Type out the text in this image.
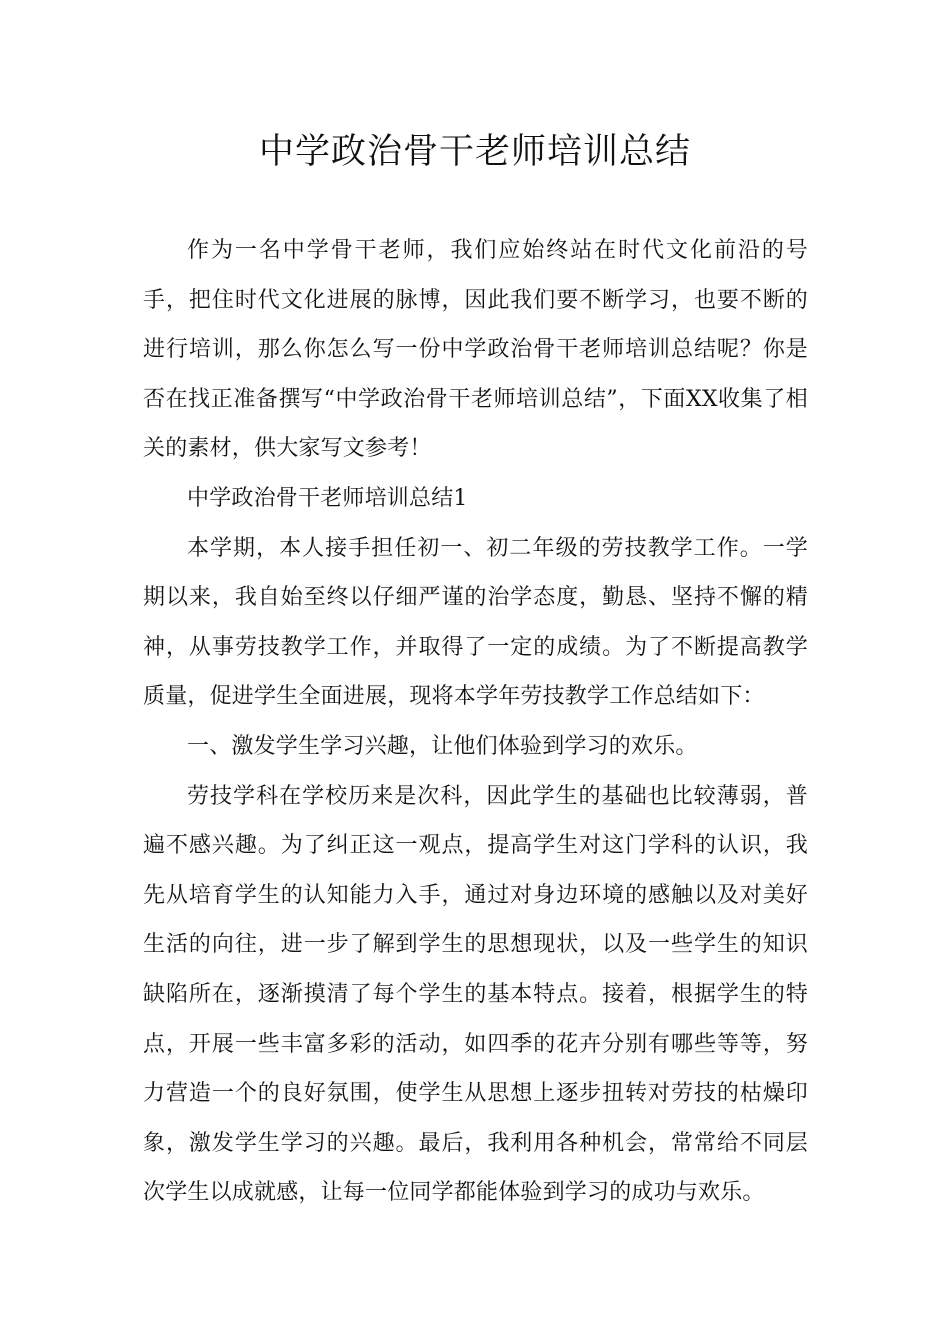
中学政治骨干老师培训总结

作为一名中学骨干老师，我们应始终站在时代文化前沿的号手，把住时代文化进展的脉博，因此我们要不断学习，也要不断的进行培训，那么你怎么写一份中学政治骨干老师培训总结呢？你是否在找正准备撰写“中学政治骨干老师培训总结”，下面XX收集了相关的素材，供大家写文参考！

中学政治骨干老师培训总结1

本学期，本人接手担任初一、初二年级的劳技教学工作。一学期以来，我自始至终以仔细严谨的治学态度，勤恳、坚持不懈的精神，从事劳技教学工作，并取得了一定的成绩。为了不断提高教学质量，促进学生全面进展，现将本学年劳技教学工作总结如下：

一、激发学生学习兴趣，让他们体验到学习的欢乐。

劳技学科在学校历来是次科，因此学生的基础也比较薄弱，普遍不感兴趣。为了纠正这一观点，提高学生对这门学科的认识，我先从培育学生的认知能力入手，通过对身边环境的感触以及对美好生活的向往，进一步了解到学生的思想现状，以及一些学生的知识缺陷所在，逐渐摸清了每个学生的基本特点。接着，根据学生的特点，开展一些丰富多彩的活动，如四季的花卉分别有哪些等等，努力营造一个的良好氛围，使学生从思想上逐步扭转对劳技的枯燥印象，激发学生学习的兴趣。最后，我利用各种机会，常常给不同层次学生以成就感，让每一位同学都能体验到学习的成功与欢乐。
